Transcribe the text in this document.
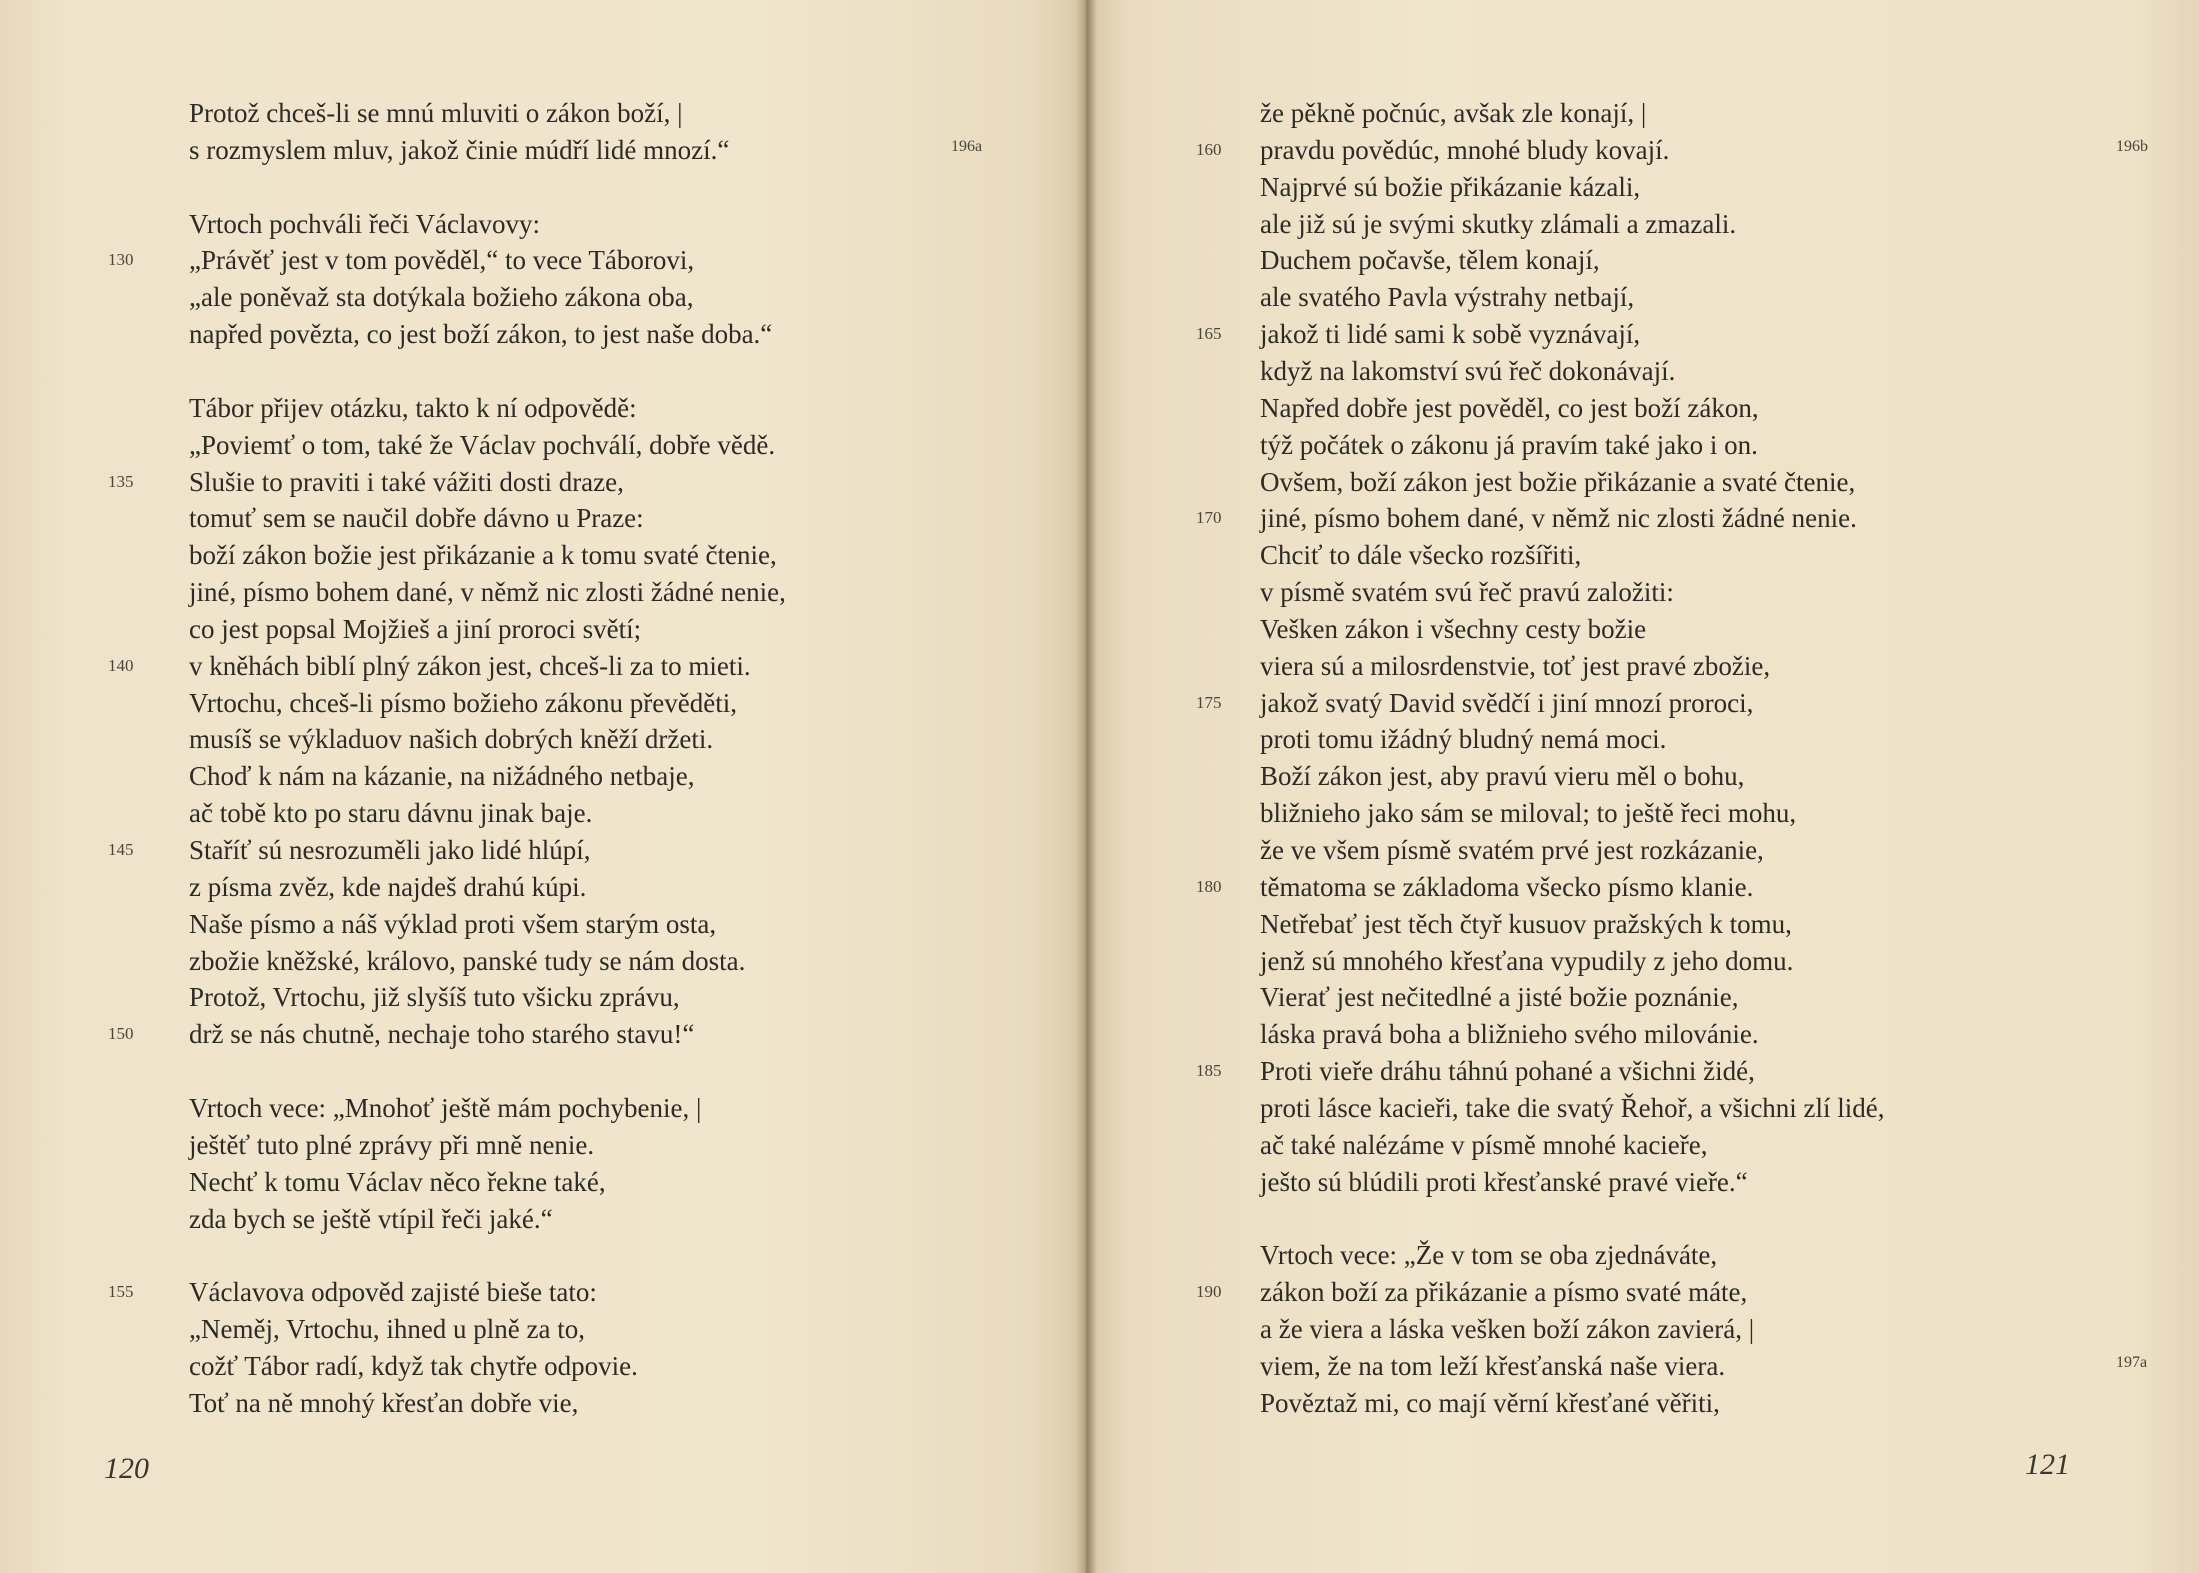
Protož chceš-li se mnú mluviti o zákon boží, |
s rozmyslem mluv, jakož činie múdří lidé mnozí.“	196a
Vrtoch pochváli řeči Václavovy:
„Právěť jest v tom pověděl,“ to vece Táborovi,
130
„ale poněvaž sta dotýkala božieho zákona oba,
napřed povězta, co jest boží zákon, to jest naše doba.“
Tábor přijev otázku, takto k ní odpovědě:
„Poviemť o tom, také že Václav pochválí, dobře vědě.
Slušie to praviti i také vážiti dosti draze,
135
tomuť sem se naučil dobře dávno u Praze:
boží zákon božie jest přikázanie a k tomu svaté čtenie,
jiné, písmo bohem dané, v němž nic zlosti žádné nenie,
co jest popsal Mojžieš a jiní proroci světí;
v kněhách biblí plný zákon jest, chceš-li za to mieti.
140
Vrtochu, chceš-li písmo božieho zákonu převěděti,
musíš se výkladuov našich dobrých kněží držeti.
Choď k nám na kázanie, na nižádného netbaje,
ač tobě kto po staru dávnu jinak baje.
Staříť sú nesrozuměli jako lidé hlúpí,
145
z písma zvěz, kde najdeš drahú kúpi.
Naše písmo a náš výklad proti všem starým osta,
zbožie kněžské, královo, panské tudy se nám dosta.
Protož, Vrtochu, již slyšíš tuto všicku zprávu,
drž se nás chutně, nechaje toho starého stavu!“
150
Vrtoch vece: „Mnohoť ještě mám pochybenie, |
ještěť tuto plné zprávy při mně nenie.
Nechť k tomu Václav něco řekne také,
zda bych se ještě vtípil řeči jaké.“
Václavova odpověd zajisté bieše tato:
155
„Neměj, Vrtochu, ihned u plně za to,
cožť Tábor radí, když tak chytře odpovie.
Toť na ně mnohý křesťan dobře vie,
120
že pěkně počnúc, avšak zle konají, |
pravdu povědúc, mnohé bludy kovají.
160	196b
Najprvé sú božie přikázanie kázali,
ale již sú je svými skutky zlámali a zmazali.
Duchem počavše, tělem konají,
ale svatého Pavla výstrahy netbají,
jakož ti lidé sami k sobě vyznávají,
165
když na lakomství svú řeč dokonávají.
Napřed dobře jest pověděl, co jest boží zákon,
týž počátek o zákonu já pravím také jako i on.
Ovšem, boží zákon jest božie přikázanie a svaté čtenie,
jiné, písmo bohem dané, v němž nic zlosti žádné nenie.
170
Chciť to dále všecko rozšířiti,
v písmě svatém svú řeč pravú založiti:
Vešken zákon i všechny cesty božie
viera sú a milosrdenstvie, toť jest pravé zbožie,
jakož svatý David svědčí i jiní mnozí proroci,
175
proti tomu ižádný bludný nemá moci.
Boží zákon jest, aby pravú vieru měl o bohu,
bližnieho jako sám se miloval; to ještě řeci mohu,
že ve všem písmě svatém prvé jest rozkázanie,
těmatoma se základoma všecko písmo klanie.
180
Netřebať jest těch čtyř kusuov pražských k tomu,
jenž sú mnohého křesťana vypudily z jeho domu.
Vierať jest nečitedlné a jisté božie poznánie,
láska pravá boha a bližnieho svého milovánie.
Proti vieře dráhu táhnú pohané a všichni židé,
185
proti lásce kacieři, take die svatý Řehoř, a všichni zlí lidé,
ač také nalézáme v písmě mnohé kacieře,
ješto sú blúdili proti křesťanské pravé vieře.“
Vrtoch vece: „Že v tom se oba zjednáváte,
zákon boží za přikázanie a písmo svaté máte,
190
a že viera a láska vešken boží zákon zavierá, |
viem, že na tom leží křesťanská naše viera.	197a
Pověztaž mi, co mají věrní křesťané věřiti,
121
